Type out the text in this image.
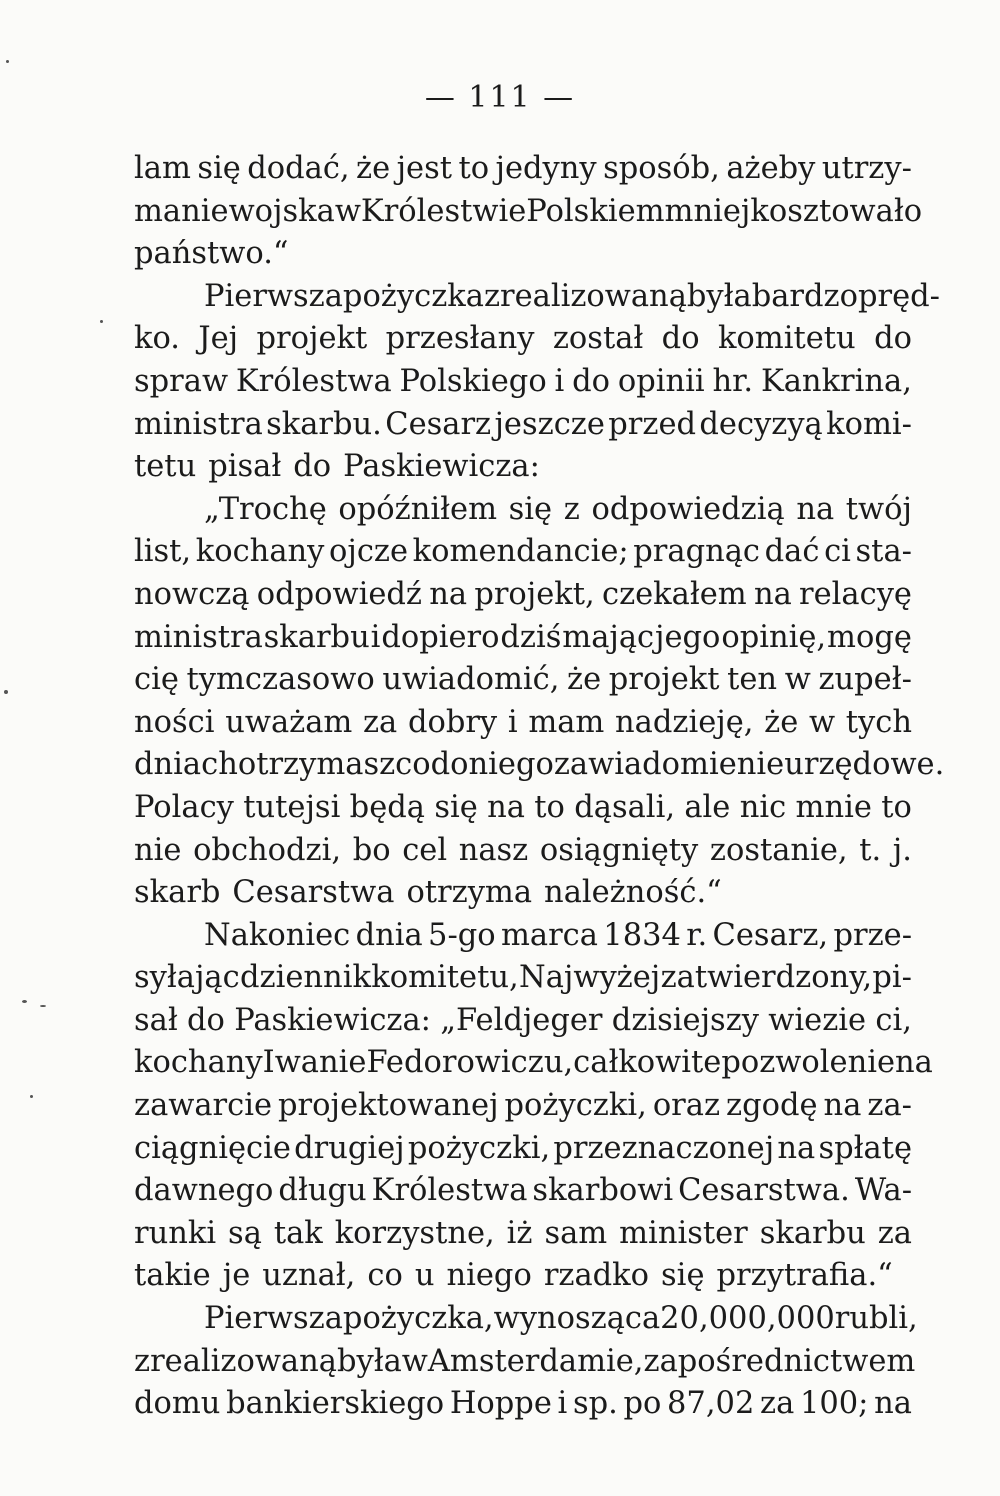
— 111 —
lam się dodać, że jest to jedyny sposób, ażeby utrzy-
manie wojska w Królestwie Polskiem mniej kosztowało
państwo.“
Pierwsza pożyczka zrealizowaną była bardzo pręd-
ko. Jej projekt przesłany został do komitetu do
spraw Królestwa Polskiego i do opinii hr. Kankrina,
ministra skarbu. Cesarz jeszcze przed decyzyą komi-
tetu pisał do Paskiewicza:
„Trochę opóźniłem się z odpowiedzią na twój
list, kochany ojcze komendancie; pragnąc dać ci sta-
nowczą odpowiedź na projekt, czekałem na relacyę
ministra skarbu i dopiero dziś mając jego opinię, mogę
cię tymczasowo uwiadomić, że projekt ten w zupeł-
ności uważam za dobry i mam nadzieję, że w tych
dniach otrzymasz co do niego zawiadomienie urzędowe.
Polacy tutejsi będą się na to dąsali, ale nic mnie to
nie obchodzi, bo cel nasz osiągnięty zostanie, t. j.
skarb Cesarstwa otrzyma należność.“
Nakoniec dnia 5-go marca 1834 r. Cesarz, prze-
syłając dziennik komitetu, Najwyżej zatwierdzony, pi-
sał do Paskiewicza: „Feldjeger dzisiejszy wiezie ci,
kochany Iwanie Fedorowiczu, całkowite pozwolenie na
zawarcie projektowanej pożyczki, oraz zgodę na za-
ciągnięcie drugiej pożyczki, przeznaczonej na spłatę
dawnego długu Królestwa skarbowi Cesarstwa. Wa-
runki są tak korzystne, iż sam minister skarbu za
takie je uznał, co u niego rzadko się przytrafia.“
Pierwsza pożyczka, wynosząca 20,000,000 rubli,
zrealizowaną była w Amsterdamie, za pośrednictwem
domu bankierskiego Hoppe i sp. po 87,02 za 100; na
